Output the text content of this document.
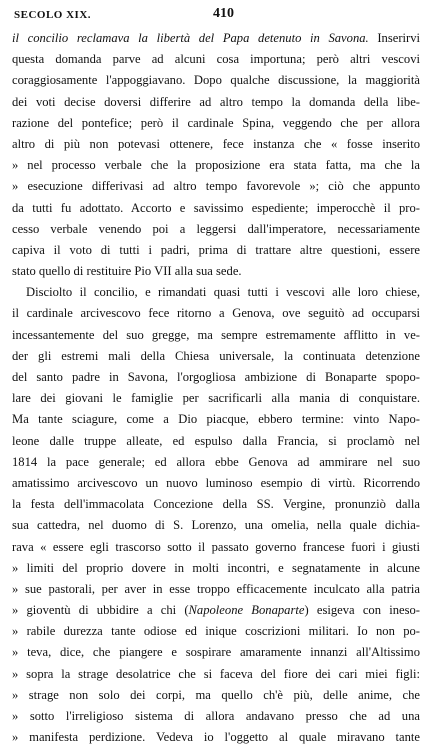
SECOLO XIX.	410
il concilio reclamava la libertà del Papa detenuto in Savona. Inserirvi
questa domanda parve ad alcuni cosa importuna; però altri vescovi
coraggiosamente l'appoggiavano. Dopo qualche discussione, la maggiorità
dei voti decise doversi differire ad altro tempo la domanda della libe-
razione del pontefice; però il cardinale Spina, veggendo che per allora
altro di più non potevasi ottenere, fece instanza che « fosse inserito
» nel processo verbale che la proposizione era stata fatta, ma che la
» esecuzione differivasi ad altro tempo favorevole »; ciò che appunto
da tutti fu adottato. Accorto e savissimo espediente; imperocchè il pro-
cesso verbale venendo poi a leggersi dall'imperatore, necessariamente
capiva il voto di tutti i padri, prima di trattare altre questioni, essere
stato quello di restituire Pio VII alla sua sede.
Disciolto il concilio, e rimandati quasi tutti i vescovi alle loro chiese,
il cardinale arcivescovo fece ritorno a Genova, ove seguitò ad occuparsi
incessantemente del suo gregge, ma sempre estremamente afflitto in ve-
der gli estremi mali della Chiesa universale, la continuata detenzione
del santo padre in Savona, l'orgogliosa ambizione di Bonaparte spopo-
lare dei giovani le famiglie per sacrificarli alla mania di conquistare.
Ma tante sciagure, come a Dio piacque, ebbero termine: vinto Napo-
leone dalle truppe alleate, ed espulso dalla Francia, si proclamò nel
1814 la pace generale; ed allora ebbe Genova ad ammirare nel suo
amatissimo arcivescovo un nuovo luminoso esempio di virtù. Ricorrendo
la festa dell'immacolata Concezione della SS. Vergine, pronunziò dalla
sua cattedra, nel duomo di S. Lorenzo, una omelia, nella quale dichia-
rava « essere egli trascorso sotto il passato governo francese fuori i giusti
» limiti del proprio dovere in molti incontri, e segnatamente in alcune
» sue pastorali, per aver in esse troppo efficacemente inculcato alla patria
» gioventù di ubbidire a chi (Napoleone Bonaparte) esigeva con ineso-
» rabile durezza tante odiose ed inique coscrizioni militari. Io non po-
» teva, dice, che piangere e sospirare amaramente innanzi all'Altissimo
» sopra la strage desolatrice che si faceva del fiore dei cari miei figli:
» strage non solo dei corpi, ma quello ch'è più, delle anime, che
» sotto l'irreligioso sistema di allora andavano presso che ad una
» manifesta perdizione. Vedeva io l'oggetto al quale miravano tante
